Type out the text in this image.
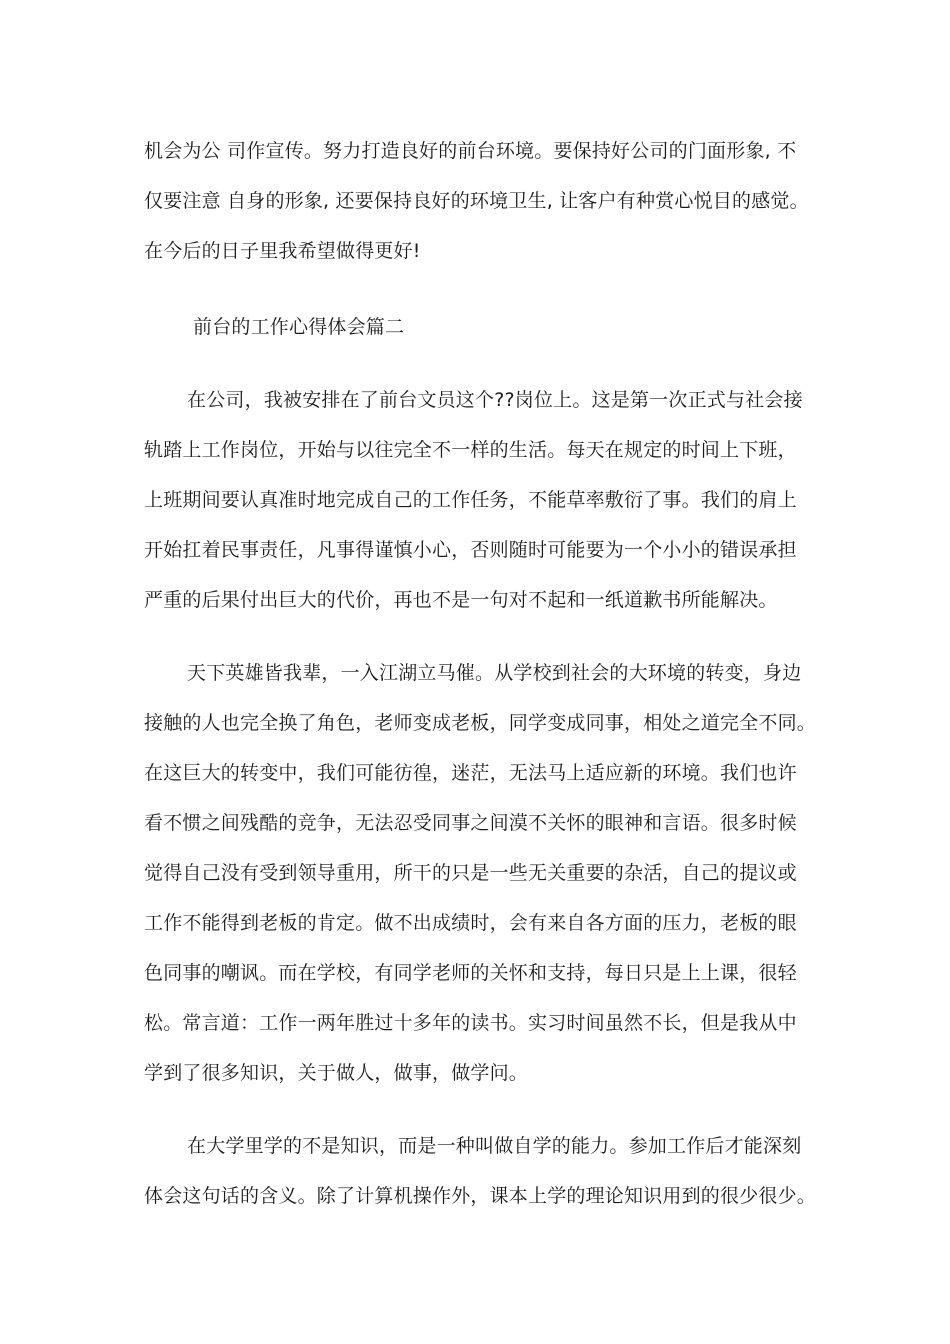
机会为公 司作宣传。努力打造良好的前台环境。要保持好公司的门面形象, 不
仅要注意 自身的形象, 还要保持良好的环境卫生, 让客户有种赏心悦目的感觉。
在今后的日子里我希望做得更好!
前台的工作心得体会篇二
在公司，我被安排在了前台文员这个??岗位上。这是第一次正式与社会接
轨踏上工作岗位，开始与以往完全不一样的生活。每天在规定的时间上下班，
上班期间要认真准时地完成自己的工作任务，不能草率敷衍了事。我们的肩上
开始扛着民事责任，凡事得谨慎小心，否则随时可能要为一个小小的错误承担
严重的后果付出巨大的代价，再也不是一句对不起和一纸道歉书所能解决。
天下英雄皆我辈，一入江湖立马催。从学校到社会的大环境的转变，身边
接触的人也完全换了角色，老师变成老板，同学变成同事，相处之道完全不同。
在这巨大的转变中，我们可能彷徨，迷茫，无法马上适应新的环境。我们也许
看不惯之间残酷的竞争，无法忍受同事之间漠不关怀的眼神和言语。很多时候
觉得自己没有受到领导重用，所干的只是一些无关重要的杂活，自己的提议或
工作不能得到老板的肯定。做不出成绩时，会有来自各方面的压力，老板的眼
色同事的嘲讽。而在学校，有同学老师的关怀和支持，每日只是上上课，很轻
松。常言道：工作一两年胜过十多年的读书。实习时间虽然不长，但是我从中
学到了很多知识，关于做人，做事，做学问。
在大学里学的不是知识，而是一种叫做自学的能力。参加工作后才能深刻
体会这句话的含义。除了计算机操作外，课本上学的理论知识用到的很少很少。
